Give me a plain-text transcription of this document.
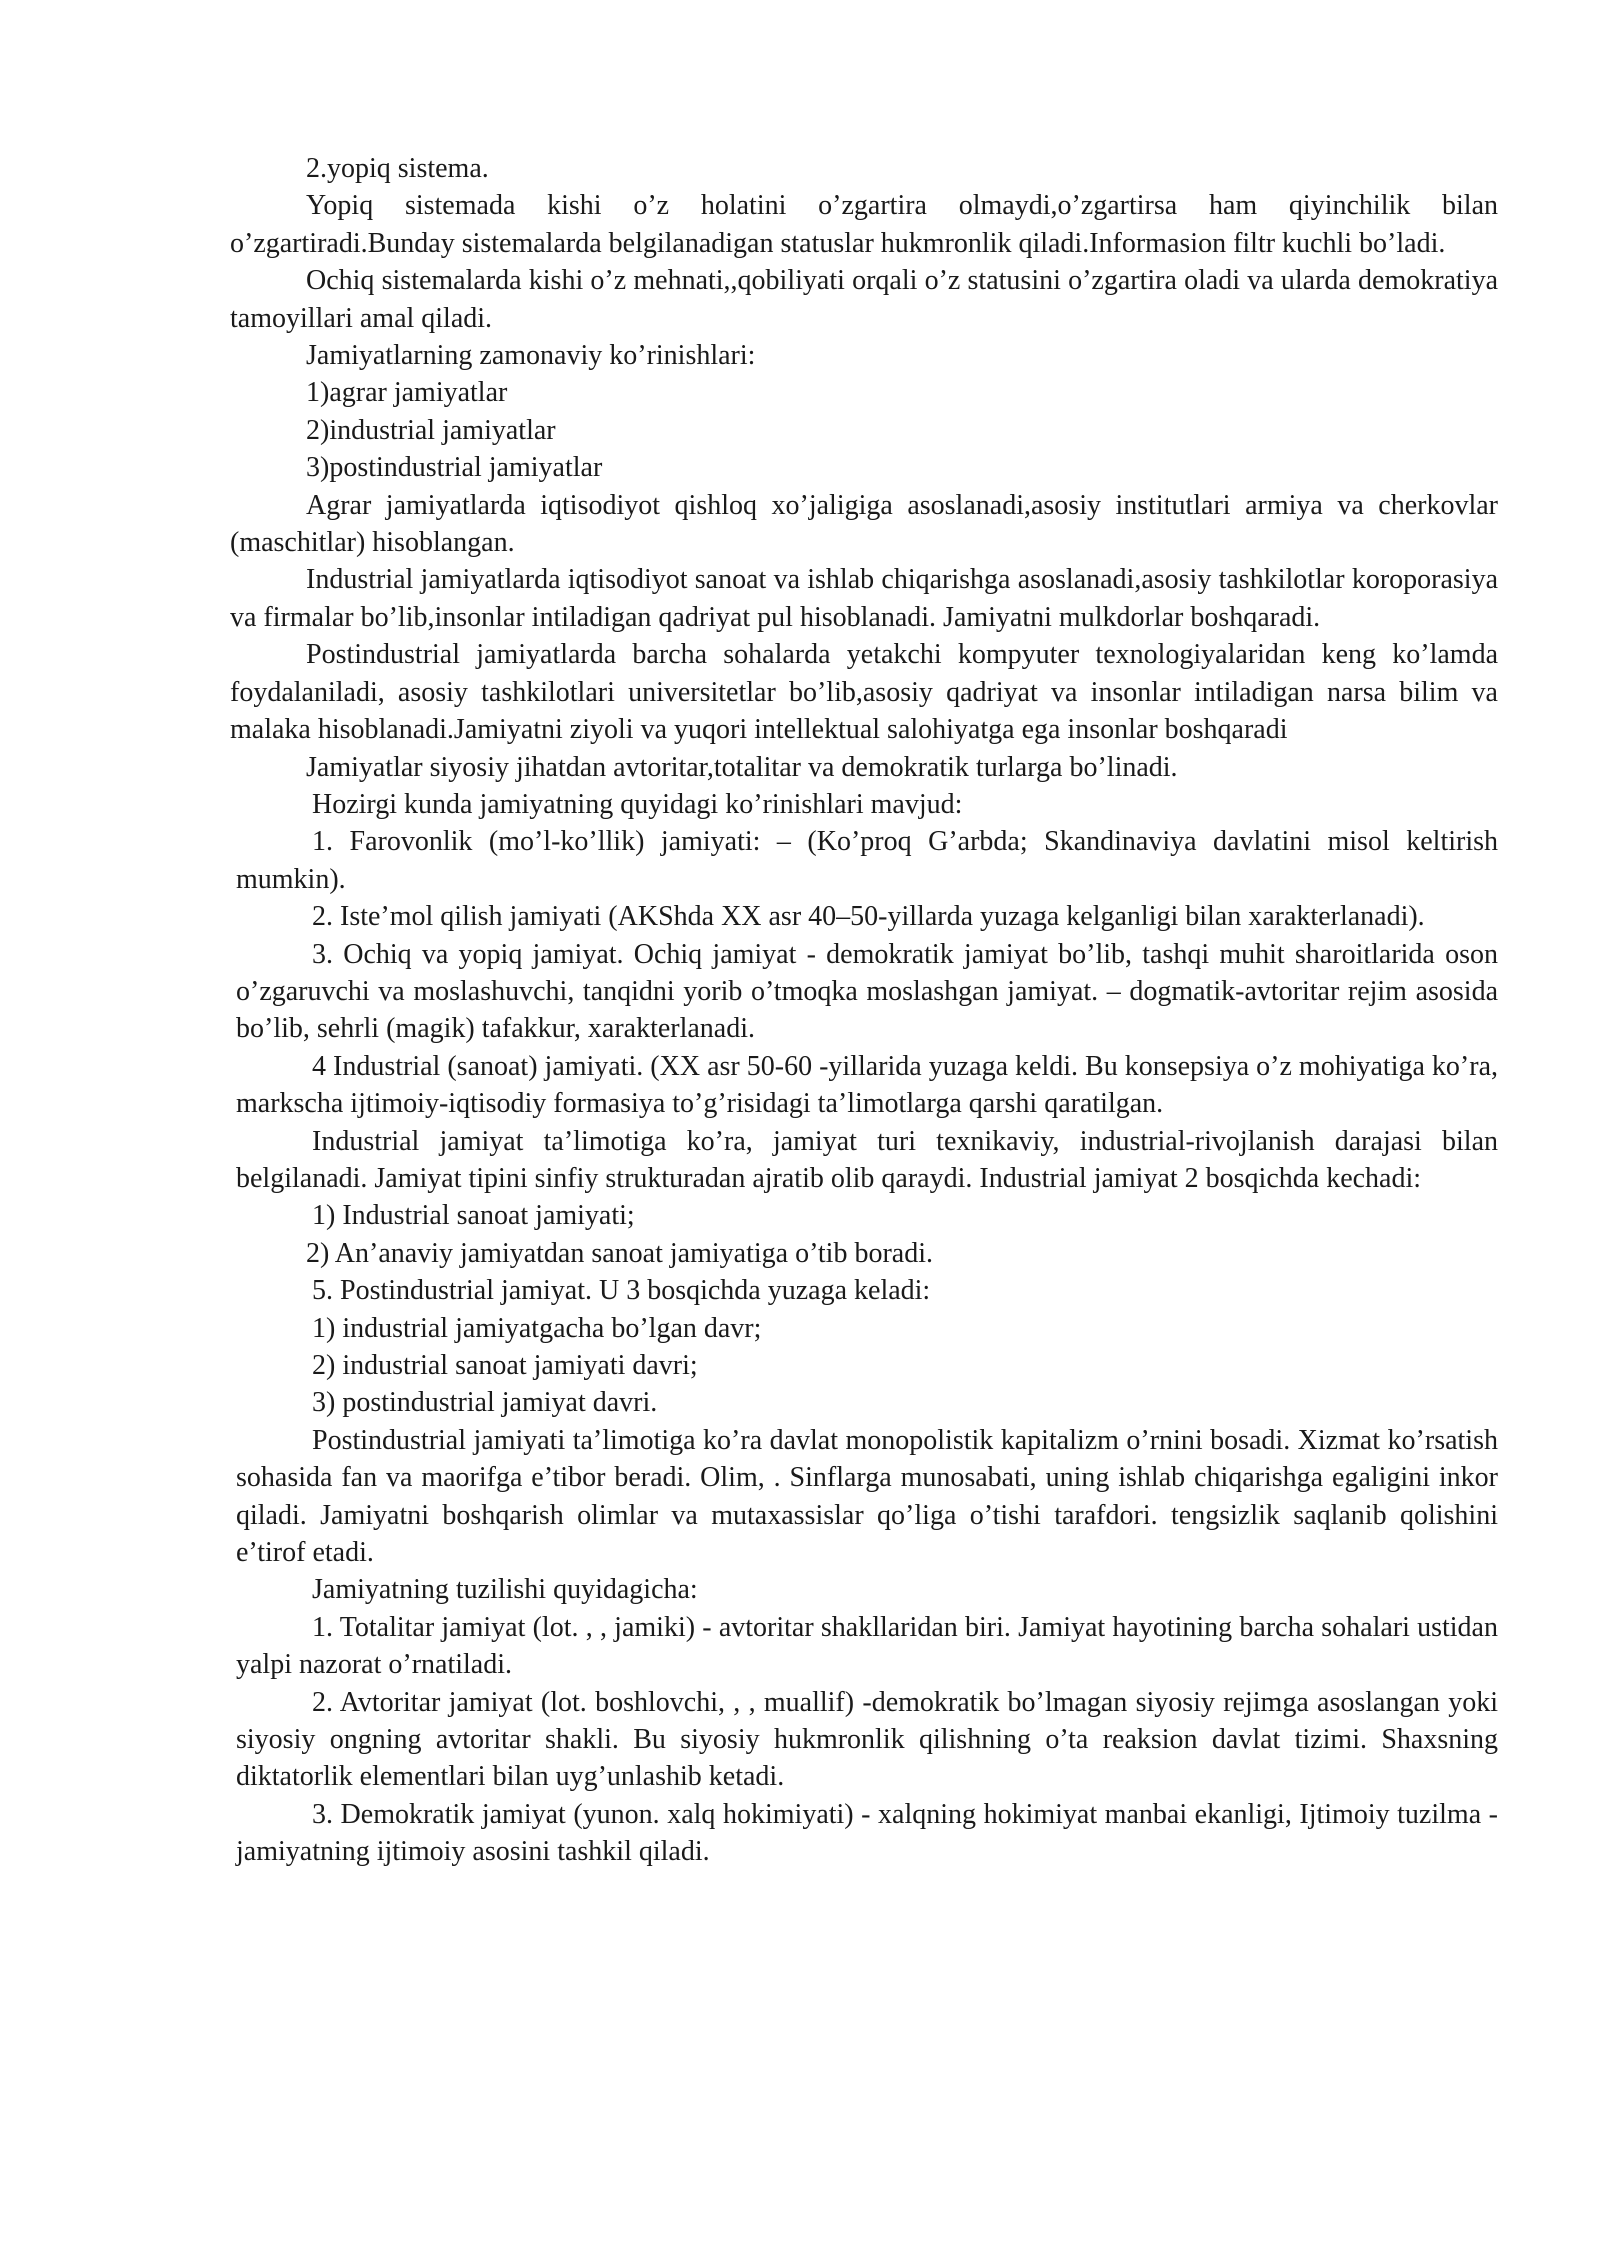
2.yopiq sistema.

Yopiq sistemada kishi o’z holatini o’zgartira olmaydi,o’zgartirsa ham qiyinchilik bilan o’zgartiradi.Bunday sistemalarda belgilanadigan statuslar hukmronlik qiladi.Informasion filtr kuchli bo’ladi.

Ochiq sistemalarda kishi o’z mehnati,,qobiliyati orqali o’z statusini o’zgartira oladi va ularda demokratiya tamoyillari amal qiladi.

Jamiyatlarning zamonaviy ko’rinishlari:

1)agrar jamiyatlar

2)industrial jamiyatlar

3)postindustrial jamiyatlar

Agrar jamiyatlarda iqtisodiyot qishloq xo’jaligiga asoslanadi,asosiy institutlari armiya va cherkovlar (maschitlar) hisoblangan.

Industrial jamiyatlarda iqtisodiyot sanoat va ishlab chiqarishga asoslanadi,asosiy tashkilotlar koroporasiya va firmalar bo’lib,insonlar intiladigan qadriyat pul hisoblanadi. Jamiyatni mulkdorlar boshqaradi.

Postindustrial jamiyatlarda barcha sohalarda yetakchi kompyuter texnologiyalaridan keng ko’lamda foydalaniladi, asosiy tashkilotlari universitetlar bo’lib,asosiy qadriyat va insonlar intiladigan narsa bilim va malaka hisoblanadi.Jamiyatni ziyoli va yuqori intellektual salohiyatga ega insonlar boshqaradi

Jamiyatlar siyosiy jihatdan avtoritar,totalitar va demokratik turlarga bo’linadi.

Hozirgi kunda jamiyatning quyidagi ko’rinishlari mavjud:

1. Farovonlik (mo’l-ko’llik) jamiyati: – (Ko’proq G’arbda; Skandinaviya davlatini misol keltirish mumkin).

2. Iste’mol qilish jamiyati (AKShda XX asr 40–50-yillarda yuzaga kelganligi bilan xarakterlanadi).

3. Ochiq va yopiq jamiyat. Ochiq jamiyat - demokratik jamiyat bo’lib, tashqi muhit sharoitlarida oson o’zgaruvchi va moslashuvchi, tanqidni yorib o’tmoqka moslashgan jamiyat. – dogmatik-avtoritar rejim asosida bo’lib, sehrli (magik) tafakkur, xarakterlanadi.

4 Industrial (sanoat) jamiyati. (XX asr 50-60 -yillarida yuzaga keldi. Bu konsepsiya o’z mohiyatiga ko’ra, markscha ijtimoiy-iqtisodiy formasiya to’g’risidagi ta’limotlarga qarshi qaratilgan.

Industrial jamiyat ta’limotiga ko’ra, jamiyat turi texnikaviy, industrial-rivojlanish darajasi bilan belgilanadi. Jamiyat tipini sinfiy strukturadan ajratib olib qaraydi. Industrial jamiyat 2 bosqichda kechadi:

1) Industrial sanoat jamiyati;

2) An’anaviy jamiyatdan sanoat jamiyatiga o’tib boradi.

5. Postindustrial jamiyat. U 3 bosqichda yuzaga keladi:

1) industrial jamiyatgacha bo’lgan davr;

2) industrial sanoat jamiyati davri;

3) postindustrial jamiyat davri.

Postindustrial jamiyati ta’limotiga ko’ra davlat monopolistik kapitalizm o’rnini bosadi. Xizmat ko’rsatish sohasida fan va maorifga e’tibor beradi. Olim, . Sinflarga munosabati, uning ishlab chiqarishga egaligini inkor qiladi. Jamiyatni boshqarish olimlar va mutaxassislar qo’liga o’tishi tarafdori. tengsizlik saqlanib qolishini e’tirof etadi.

Jamiyatning tuzilishi quyidagicha:

1. Totalitar jamiyat (lot. , , jamiki) - avtoritar shakllaridan biri. Jamiyat hayotining barcha sohalari ustidan yalpi nazorat o’rnatiladi.

2. Avtoritar jamiyat (lot. boshlovchi, , , muallif) -demokratik bo’lmagan siyosiy rejimga asoslangan yoki siyosiy ongning avtoritar shakli. Bu siyosiy hukmronlik qilishning o’ta reaksion davlat tizimi. Shaxsning diktatorlik elementlari bilan uyg’unlashib ketadi.

3. Demokratik jamiyat (yunon. xalq hokimiyati) - xalqning hokimiyat manbai ekanligi, Ijtimoiy tuzilma - jamiyatning ijtimoiy asosini tashkil qiladi.
